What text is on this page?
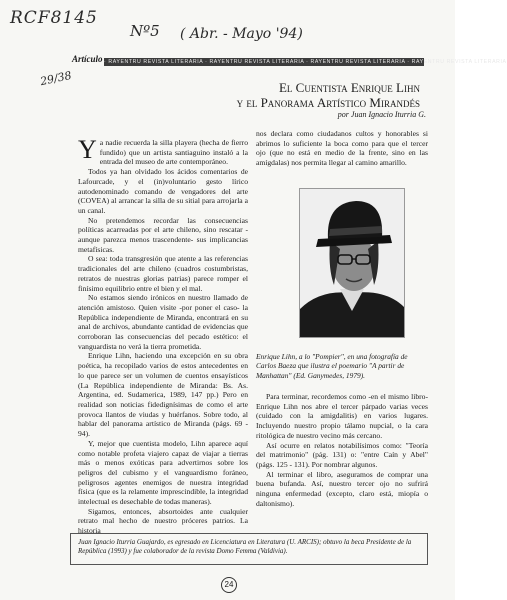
RCF8145
Nº5 ( Abr. - Mayo '94)
29/38
Artículo · RAYENTRU REVISTA LITERARIA · RAYENTRU REVISTA LITERARIA · RAYENTRU REVISTA LITERARIA · RAYENTRU REVISTA LITERARIA
El Cuentista Enrique Lihn
y el Panorama Artístico Mirandés
por Juan Ignacio Iturria G.
Y a nadie recuerda la silla playera (hecha de fierro fundido) que un artista santiaguino instaló a la entrada del museo de arte contemporáneo.

Todos ya han olvidado los ácidos comentarios de Lafourcade, y el (in)voluntario gesto lírico autodenominado comando de vengadores del arte (COVEA) al arrancar la silla de su sitial para arrojarla a un canal.

No pretendemos recordar las consecuencias políticas acarreadas por el arte chileno, sino rescatar -aunque parezca menos trascendente- sus implicancias metafísicas.

O sea: toda transgresión que atente a las referencias tradicionales del arte chileno (cuadros costumbristas, retratos de nuestras glorias patrias) parece romper el finísimo equilibrio entre el bien y el mal.

No estamos siendo irónicos en nuestro llamado de atención amistoso. Quien visite -por poner el caso- la República independiente de Miranda, encontrará en su anal de archivos, abundante cantidad de evidencias que corroboran las consecuencias del pecado estético: el vanguardista no verá la tierra prometida.

Enrique Lihn, haciendo una excepción en su obra poética, ha recopilado varios de estos antecedentes en lo que parece ser un volumen de cuentos ensayísticos (La República independiente de Miranda: Bs. As. Argentina, ed. Sudamerica, 1989, 147 pp.) Pero en realidad son noticias fidedignísimas de como el arte provoca llantos de viudas y huérfanos. Sobre todo, al hablar del panorama artístico de Miranda (págs. 69 - 94).

Y, mejor que cuentista modelo, Lihn aparece aquí como notable profeta viajero capaz de viajar a tierras más o menos exóticas para advertirnos sobre los peligros del cubismo y el vanguardismo foráneo, peligrosos agentes enemigos de nuestra integridad física (que es la relamente imprescindible, la integridad intelectual es desechable de todas maneras).

Sigamos, entonces, absortoides ante cualquier retrato mal hecho de nuestro próceres patrios. La historia

nos declara como ciudadanos cultos y honorables si abrimos lo suficiente la boca como para que el tercer ojo (que no está en medio de la frente, sino en las amígdalas) nos permita llegar al camino amarillo.

Enrique Lihn, a lo "Pompier", en una fotografía de Carlos Baeza que ilustra el poemario "A partir de Manhattan" (Ed. Ganymedes, 1979).

Para terminar, recordemos como -en el mismo libro- Enrique Lihn nos abre el tercer párpado varias veces (cuidado con la amigdalitis) en varios lugares. Incluyendo nuestro propio tálamo nupcial, o la cara ritológica de nuestro vecino más cercano.

Así ocurre en relatos notabilísimos como: "Teoría del matrimonio" (pág. 131) o: "entre Caín y Abel" (págs. 125 - 131). Por nombrar algunos.

Al terminar el libro, aseguramos de comprar una buena bufanda. Así, nuestro tercer ojo no sufrirá ninguna enfermedad (excepto, claro está, miopía o daltonismo).

Juan Ignacio Iturria Guajardo, es egresado en Licenciatura en Literatura (U. ARCIS); obtuvo la beca Presidente de la República (1993) y fue colaborador de la revista Domo Femma (Valdivia).
24
